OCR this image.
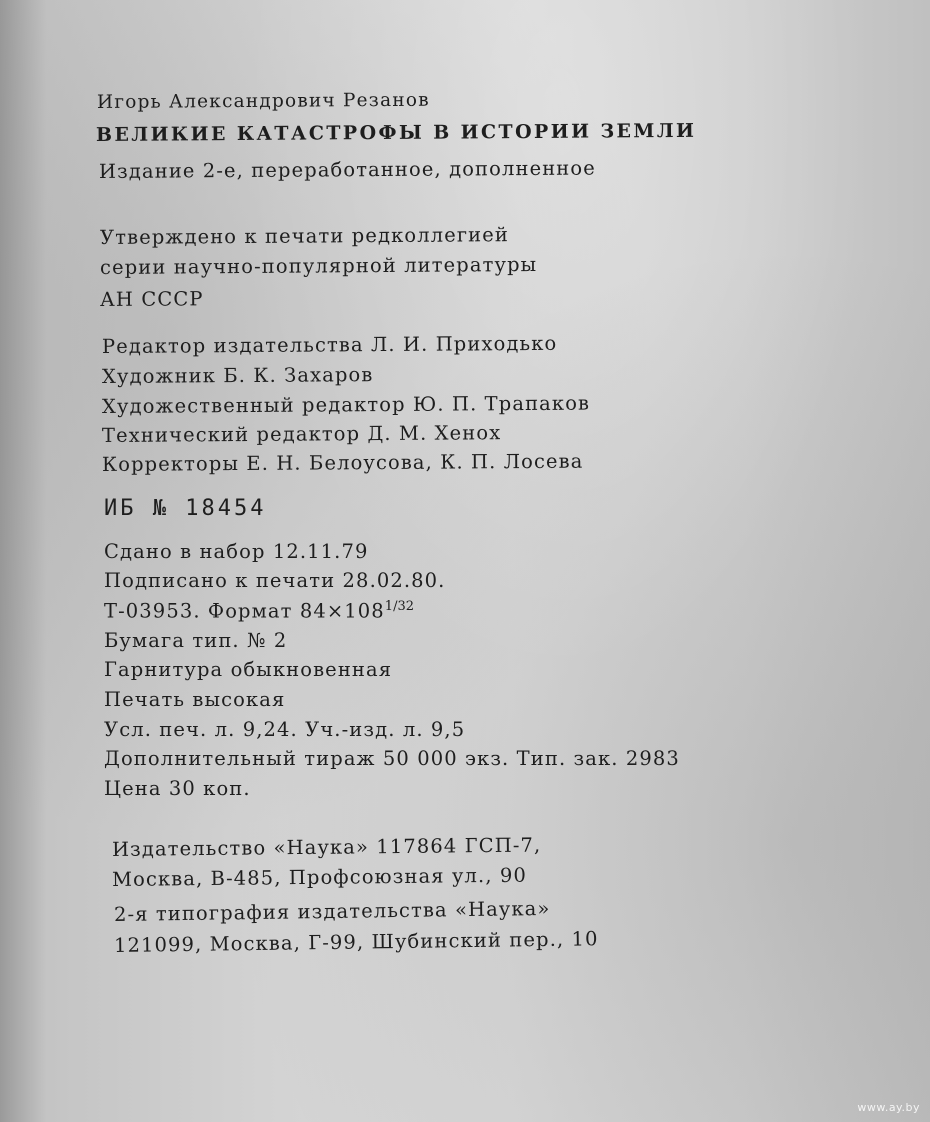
Игорь Александрович Резанов
ВЕЛИКИЕ КАТАСТРОФЫ В ИСТОРИИ ЗЕМЛИ
Издание 2-е, переработанное, дополненное
Утверждено к печати редколлегией
серии научно-популярной литературы
АН СССР
Редактор издательства Л. И. Приходько
Художник Б. К. Захаров
Художественный редактор Ю. П. Трапаков
Технический редактор Д. М. Хенох
Корректоры Е. Н. Белоусова, К. П. Лосева
ИБ № 18454
Сдано в набор 12.11.79
Подписано к печати 28.02.80.
Т-03953. Формат $84\times 108^{1/32}$
Бумага тип. № 2
Гарнитура обыкновенная
Печать высокая
Усл. печ. л. 9,24. Уч.-изд. л. 9,5
Дополнительный тираж 50 000 экз. Тип. зак. 2983
Цена 30 коп.
Издательство «Наука» 117864 ГСП-7,
Москва, В-485, Профсоюзная ул., 90
2-я типография издательства «Наука»
121099, Москва, Г-99, Шубинский пер., 10
www.ay.by
